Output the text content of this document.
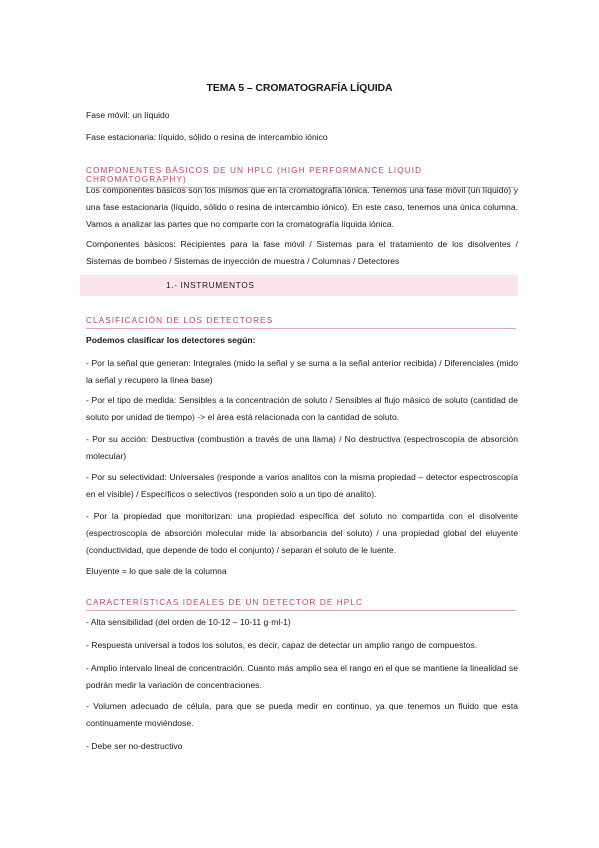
TEMA 5 – CROMATOGRAFÍA LÍQUIDA

Fase móvil: un líquido

Fase estacionaria: líquido, sólido o resina de intercambio iónico

COMPONENTES BÁSICOS DE UN HPLC (HIGH PERFORMANCE LIQUID CHROMATOGRAPHY)

Los componentes básicos son los mismos que en la cromatografía iónica. Tenemos una fase móvil (un líquido) y una fase estacionaria (líquido, sólido o resina de intercambio iónico). En este caso, tenemos una única columna. Vamos a analizar las partes que no comparte con la cromatografía líquida iónica.

Componentes básicos: Recipientes para la fase móvil / Sistemas para el tratamiento de los disolventes / Sistemas de bombeo / Sistemas de inyección de muestra / Columnas / Detectores

1.- INSTRUMENTOS
CLASIFICACIÓN DE LOS DETECTORES

Podemos clasificar los detectores según:

- Por la señal que generan: Integrales (mido la señal y se suma a la señal anterior recibida) / Diferenciales (mido la señal y recupero la línea base)

- Por el tipo de medida: Sensibles a la concentración de soluto / Sensibles al flujo másico de soluto (cantidad de soluto por unidad de tiempo) -> el área está relacionada con la cantidad de soluto.

- Por su acción: Destructiva (combustión a través de una llama) / No destructiva (espectroscopía de absorción molecular)

- Por su selectividad: Universales (responde a varios analitos con la misma propiedad – detector espectroscopía en el visible) / Específicos o selectivos (responden solo a un tipo de analito).

- Por la propiedad que monitorizan: una propiedad específica del soluto no compartida con el disolvente (espectroscopía de absorción molecular mide la absorbancia del soluto) / una propiedad global del eluyente (conductividad, que depende de todo el conjunto) / separan el soluto de le luente.

Eluyente = lo que sale de la columna

CARACTERÍSTICAS IDEALES DE UN DETECTOR DE HPLC

- Alta sensibilidad (del orden de 10-12 – 10-11 g·ml-1)

- Respuesta universal a todos los solutos, es decir, capaz de detectar un amplio rango de compuestos.

- Amplio intervalo lineal de concentración. Cuanto más amplio sea el rango en el que se mantiene la linealidad se podrán medir la variación de concentraciones.

- Volumen adecuado de célula, para que se pueda medir en continuo, ya que tenemos un fluido que esta continuamente moviéndose.

- Debe ser no-destructivo
